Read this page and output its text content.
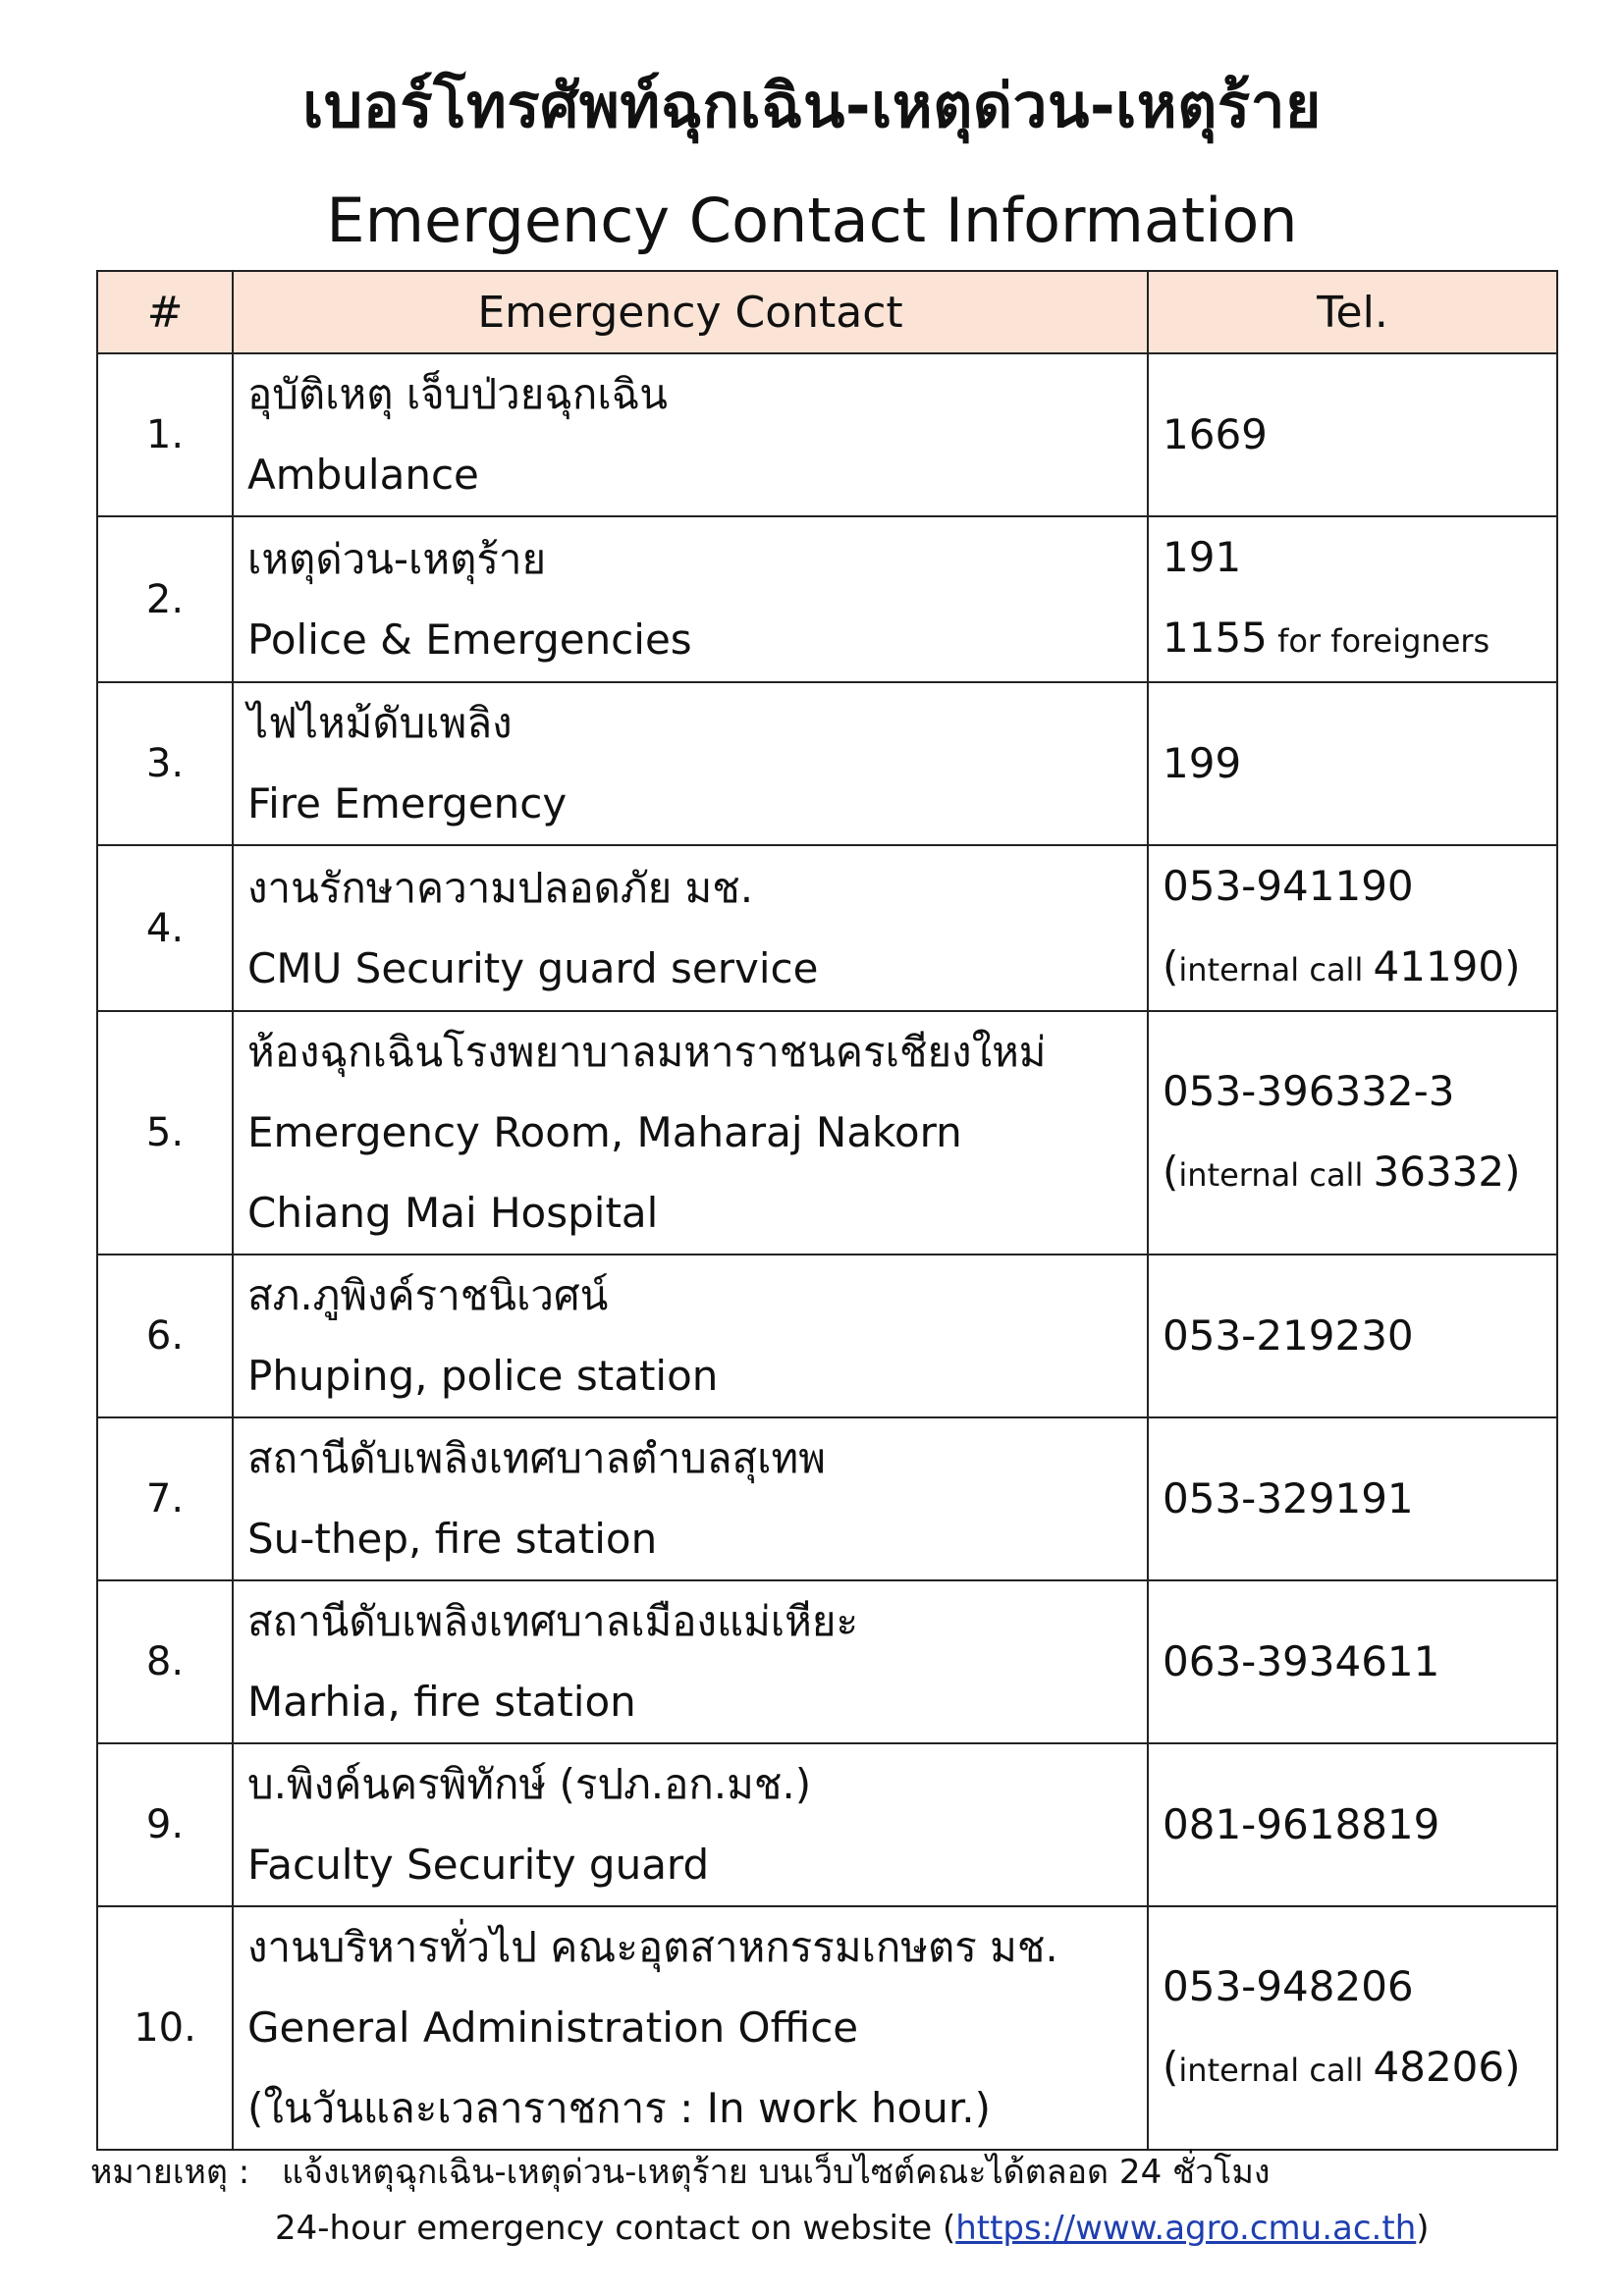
เบอร์โทรศัพท์ฉุกเฉิน-เหตุด่วน-เหตุร้าย
Emergency Contact Information
#	Emergency Contact	Tel.
1.	อุบัติเหตุ เจ็บป่วยฉุกเฉิน
Ambulance	1669

2.	เหตุด่วน-เหตุร้าย
Police & Emergencies	191
1155 for foreigners

3.	ไฟไหม้ดับเพลิง
Fire Emergency	199

4.	งานรักษาความปลอดภัย มช.
CMU Security guard service	053-941190
(internal call 41190)

5.	ห้องฉุกเฉินโรงพยาบาลมหาราชนครเชียงใหม่
Emergency Room, Maharaj Nakorn
Chiang Mai Hospital	053-396332-3
(internal call 36332)

6.	สภ.ภูพิงค์ราชนิเวศน์
Phuping, police station	053-219230

7.	สถานีดับเพลิงเทศบาลตำบลสุเทพ
Su-thep, fire station	053-329191

8.	สถานีดับเพลิงเทศบาลเมืองแม่เหียะ
Marhia, fire station	063-3934611

9.	บ.พิงค์นครพิทักษ์ (รปภ.อก.มช.)
Faculty Security guard	081-9618819

10.	งานบริหารทั่วไป คณะอุตสาหกรรมเกษตร มช.
General Administration Office
(ในวันและเวลาราชการ : In work hour.)	053-948206
(internal call 48206)
หมายเหตุ : แจ้งเหตุฉุกเฉิน-เหตุด่วน-เหตุร้าย บนเว็บไซต์คณะได้ตลอด 24 ชั่วโมง
24-hour emergency contact on website (https://www.agro.cmu.ac.th)
